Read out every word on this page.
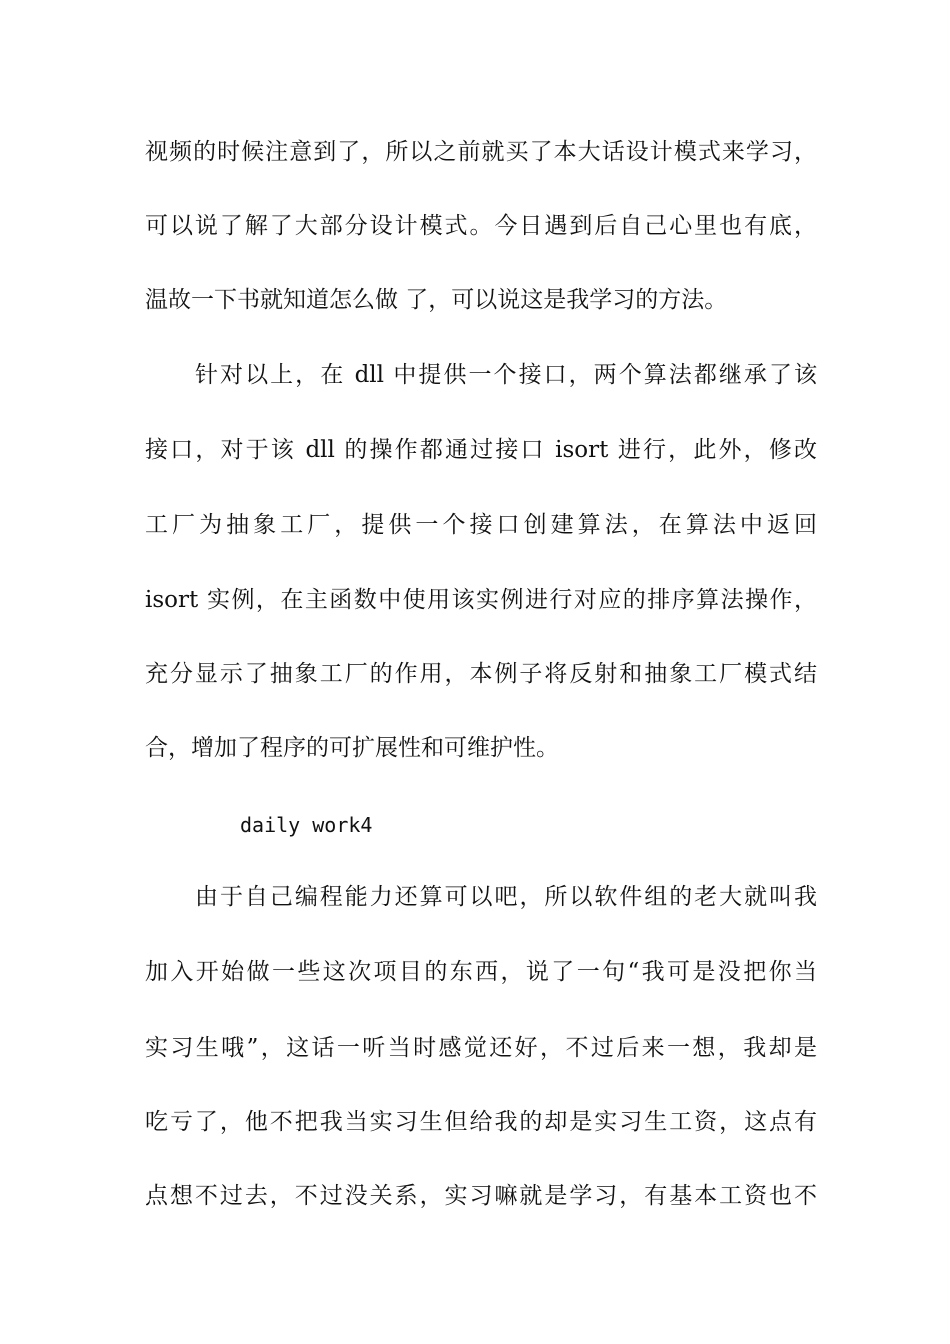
视频的时候注意到了，所以之前就买了本大话设计模式来学习，
可以说了解了大部分设计模式。今日遇到后自己心里也有底，
温故一下书就知道怎么做 了，可以说这是我学习的方法。
针对以上，在 dll 中提供一个接口，两个算法都继承了该
接口，对于该 dll 的操作都通过接口 isort 进行，此外，修改
工厂为抽象工厂，提供一个接口创建算法，在算法中返回
isort 实例，在主函数中使用该实例进行对应的排序算法操作，
充分显示了抽象工厂的作用，本例子将反射和抽象工厂模式结
合，增加了程序的可扩展性和可维护性。
daily work4
由于自己编程能力还算可以吧，所以软件组的老大就叫我
加入开始做一些这次项目的东西，说了一句“我可是没把你当
实习生哦”，这话一听当时感觉还好，不过后来一想，我却是
吃亏了，他不把我当实习生但给我的却是实习生工资，这点有
点想不过去，不过没关系，实习嘛就是学习，有基本工资也不
